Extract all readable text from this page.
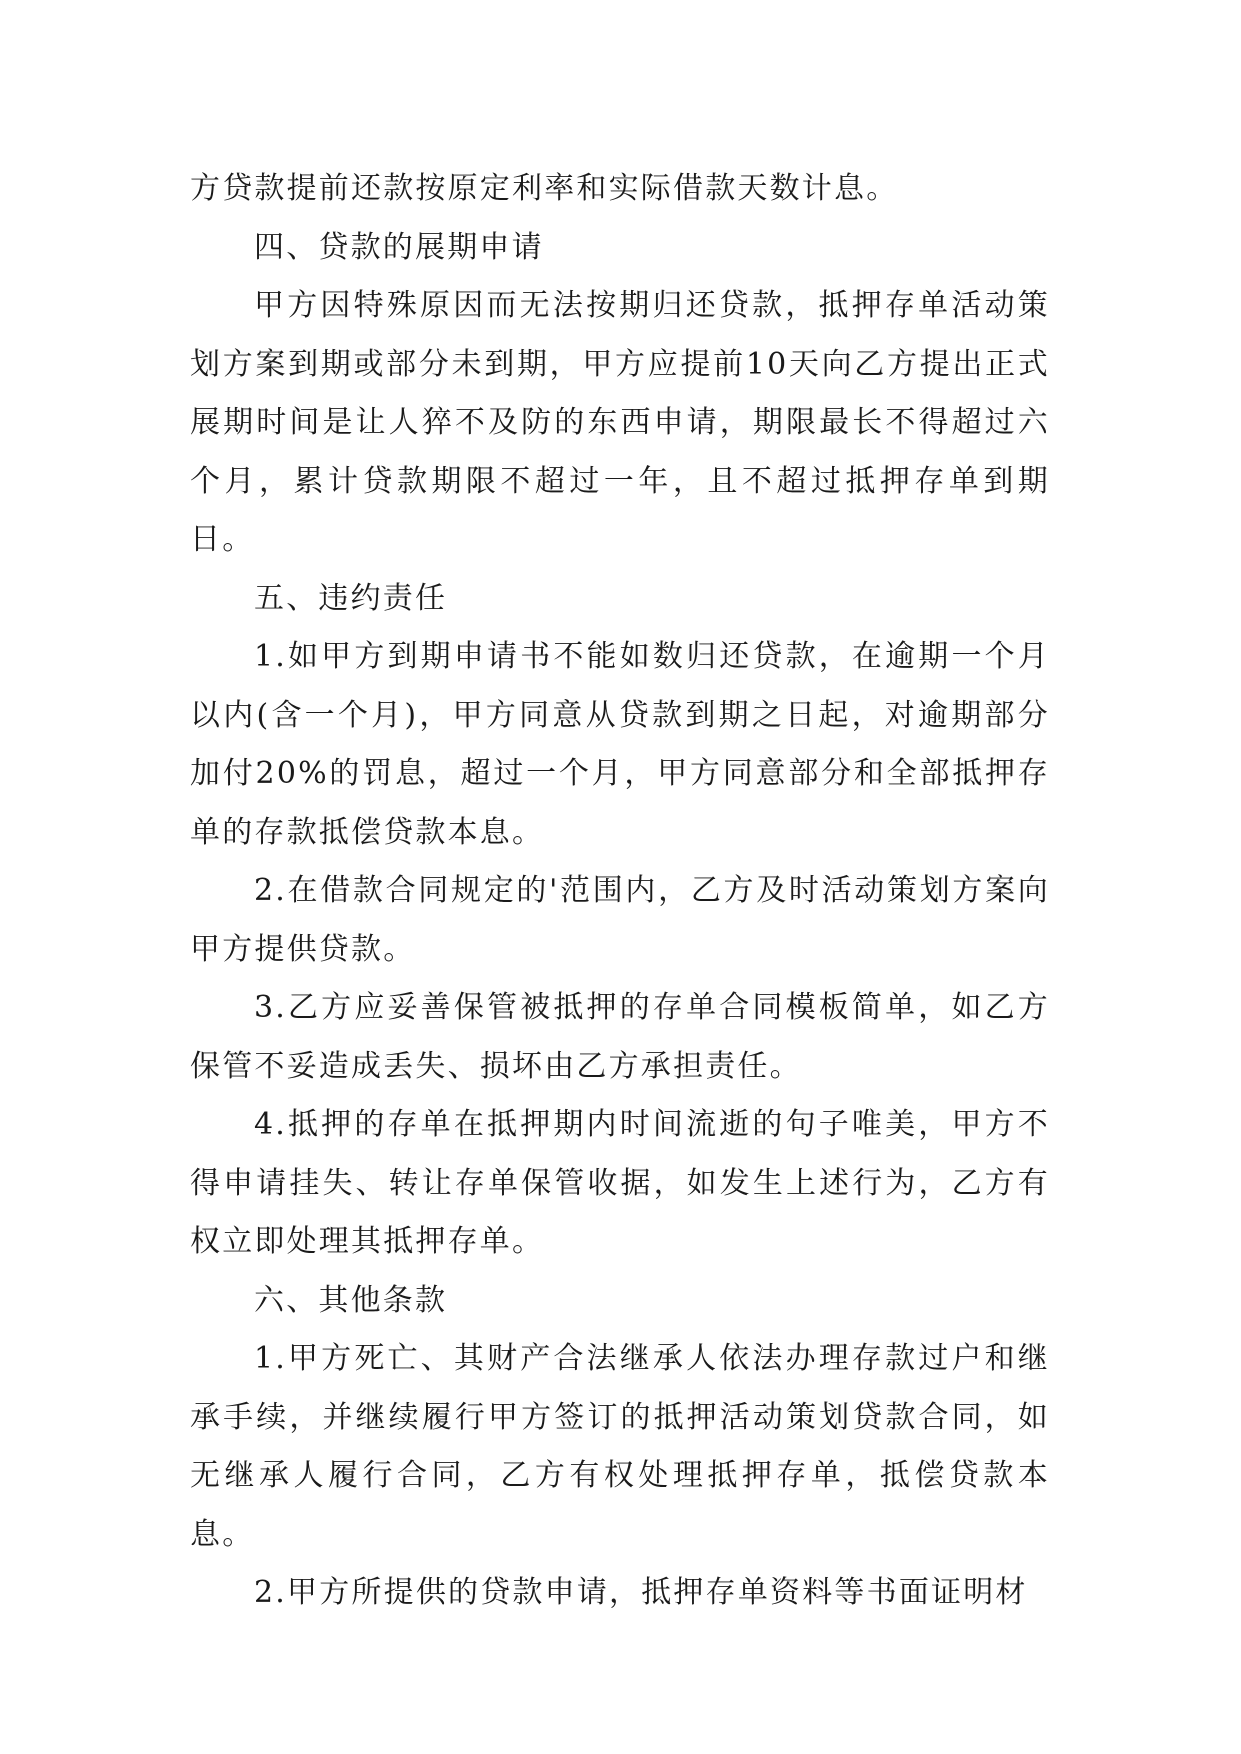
方贷款提前还款按原定利率和实际借款天数计息。

四、贷款的展期申请

甲方因特殊原因而无法按期归还贷款，抵押存单活动策划方案到期或部分未到期，甲方应提前10天向乙方提出正式展期时间是让人猝不及防的东西申请，期限最长不得超过六个月，累计贷款期限不超过一年，且不超过抵押存单到期日。

五、违约责任

1.如甲方到期申请书不能如数归还贷款，在逾期一个月以内(含一个月)，甲方同意从贷款到期之日起，对逾期部分加付20%的罚息，超过一个月，甲方同意部分和全部抵押存单的存款抵偿贷款本息。

2.在借款合同规定的'范围内，乙方及时活动策划方案向甲方提供贷款。

3.乙方应妥善保管被抵押的存单合同模板简单，如乙方保管不妥造成丢失、损坏由乙方承担责任。

4.抵押的存单在抵押期内时间流逝的句子唯美，甲方不得申请挂失、转让存单保管收据，如发生上述行为，乙方有权立即处理其抵押存单。

六、其他条款

1.甲方死亡、其财产合法继承人依法办理存款过户和继承手续，并继续履行甲方签订的抵押活动策划贷款合同，如无继承人履行合同，乙方有权处理抵押存单，抵偿贷款本息。

2.甲方所提供的贷款申请，抵押存单资料等书面证明材
